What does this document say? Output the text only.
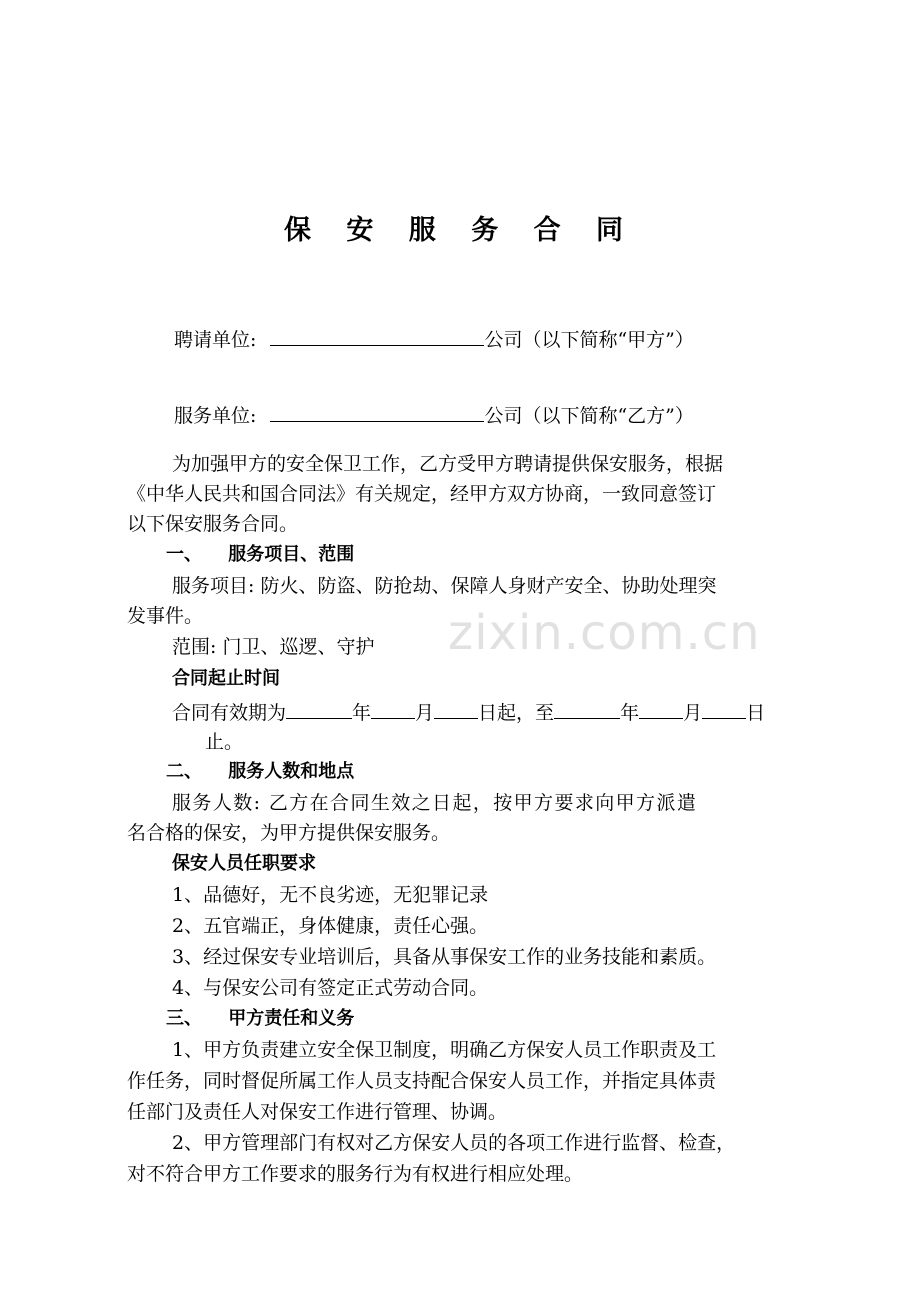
保 安 服 务 合 同
聘请单位:	公司（以下简称“甲方”）
服务单位:	公司（以下简称“乙方”）
为加强甲方的安全保卫工作，乙方受甲方聘请提供保安服务，根据
《中华人民共和国合同法》有关规定，经甲方双方协商，一致同意签订
以下保安服务合同。
一、 服务项目、范围
服务项目: 防火、防盗、防抢劫、保障人身财产安全、协助处理突
发事件。
范围: 门卫、巡逻、守护
合同起止时间
合同有效期为	年 月 日起，至	年 月 日
止。
二、 服务人数和地点
服务人数: 乙方在合同生效之日起，按甲方要求向甲方派遣
名合格的保安，为甲方提供保安服务。
保安人员任职要求
1、品德好，无不良劣迹，无犯罪记录
2、五官端正，身体健康，责任心强。
3、经过保安专业培训后，具备从事保安工作的业务技能和素质。
4、与保安公司有签定正式劳动合同。
三、 甲方责任和义务
1、甲方负责建立安全保卫制度，明确乙方保安人员工作职责及工
作任务，同时督促所属工作人员支持配合保安人员工作，并指定具体责
任部门及责任人对保安工作进行管理、协调。
2、甲方管理部门有权对乙方保安人员的各项工作进行监督、检查，
对不符合甲方工作要求的服务行为有权进行相应处理。
zixin.com.cn
